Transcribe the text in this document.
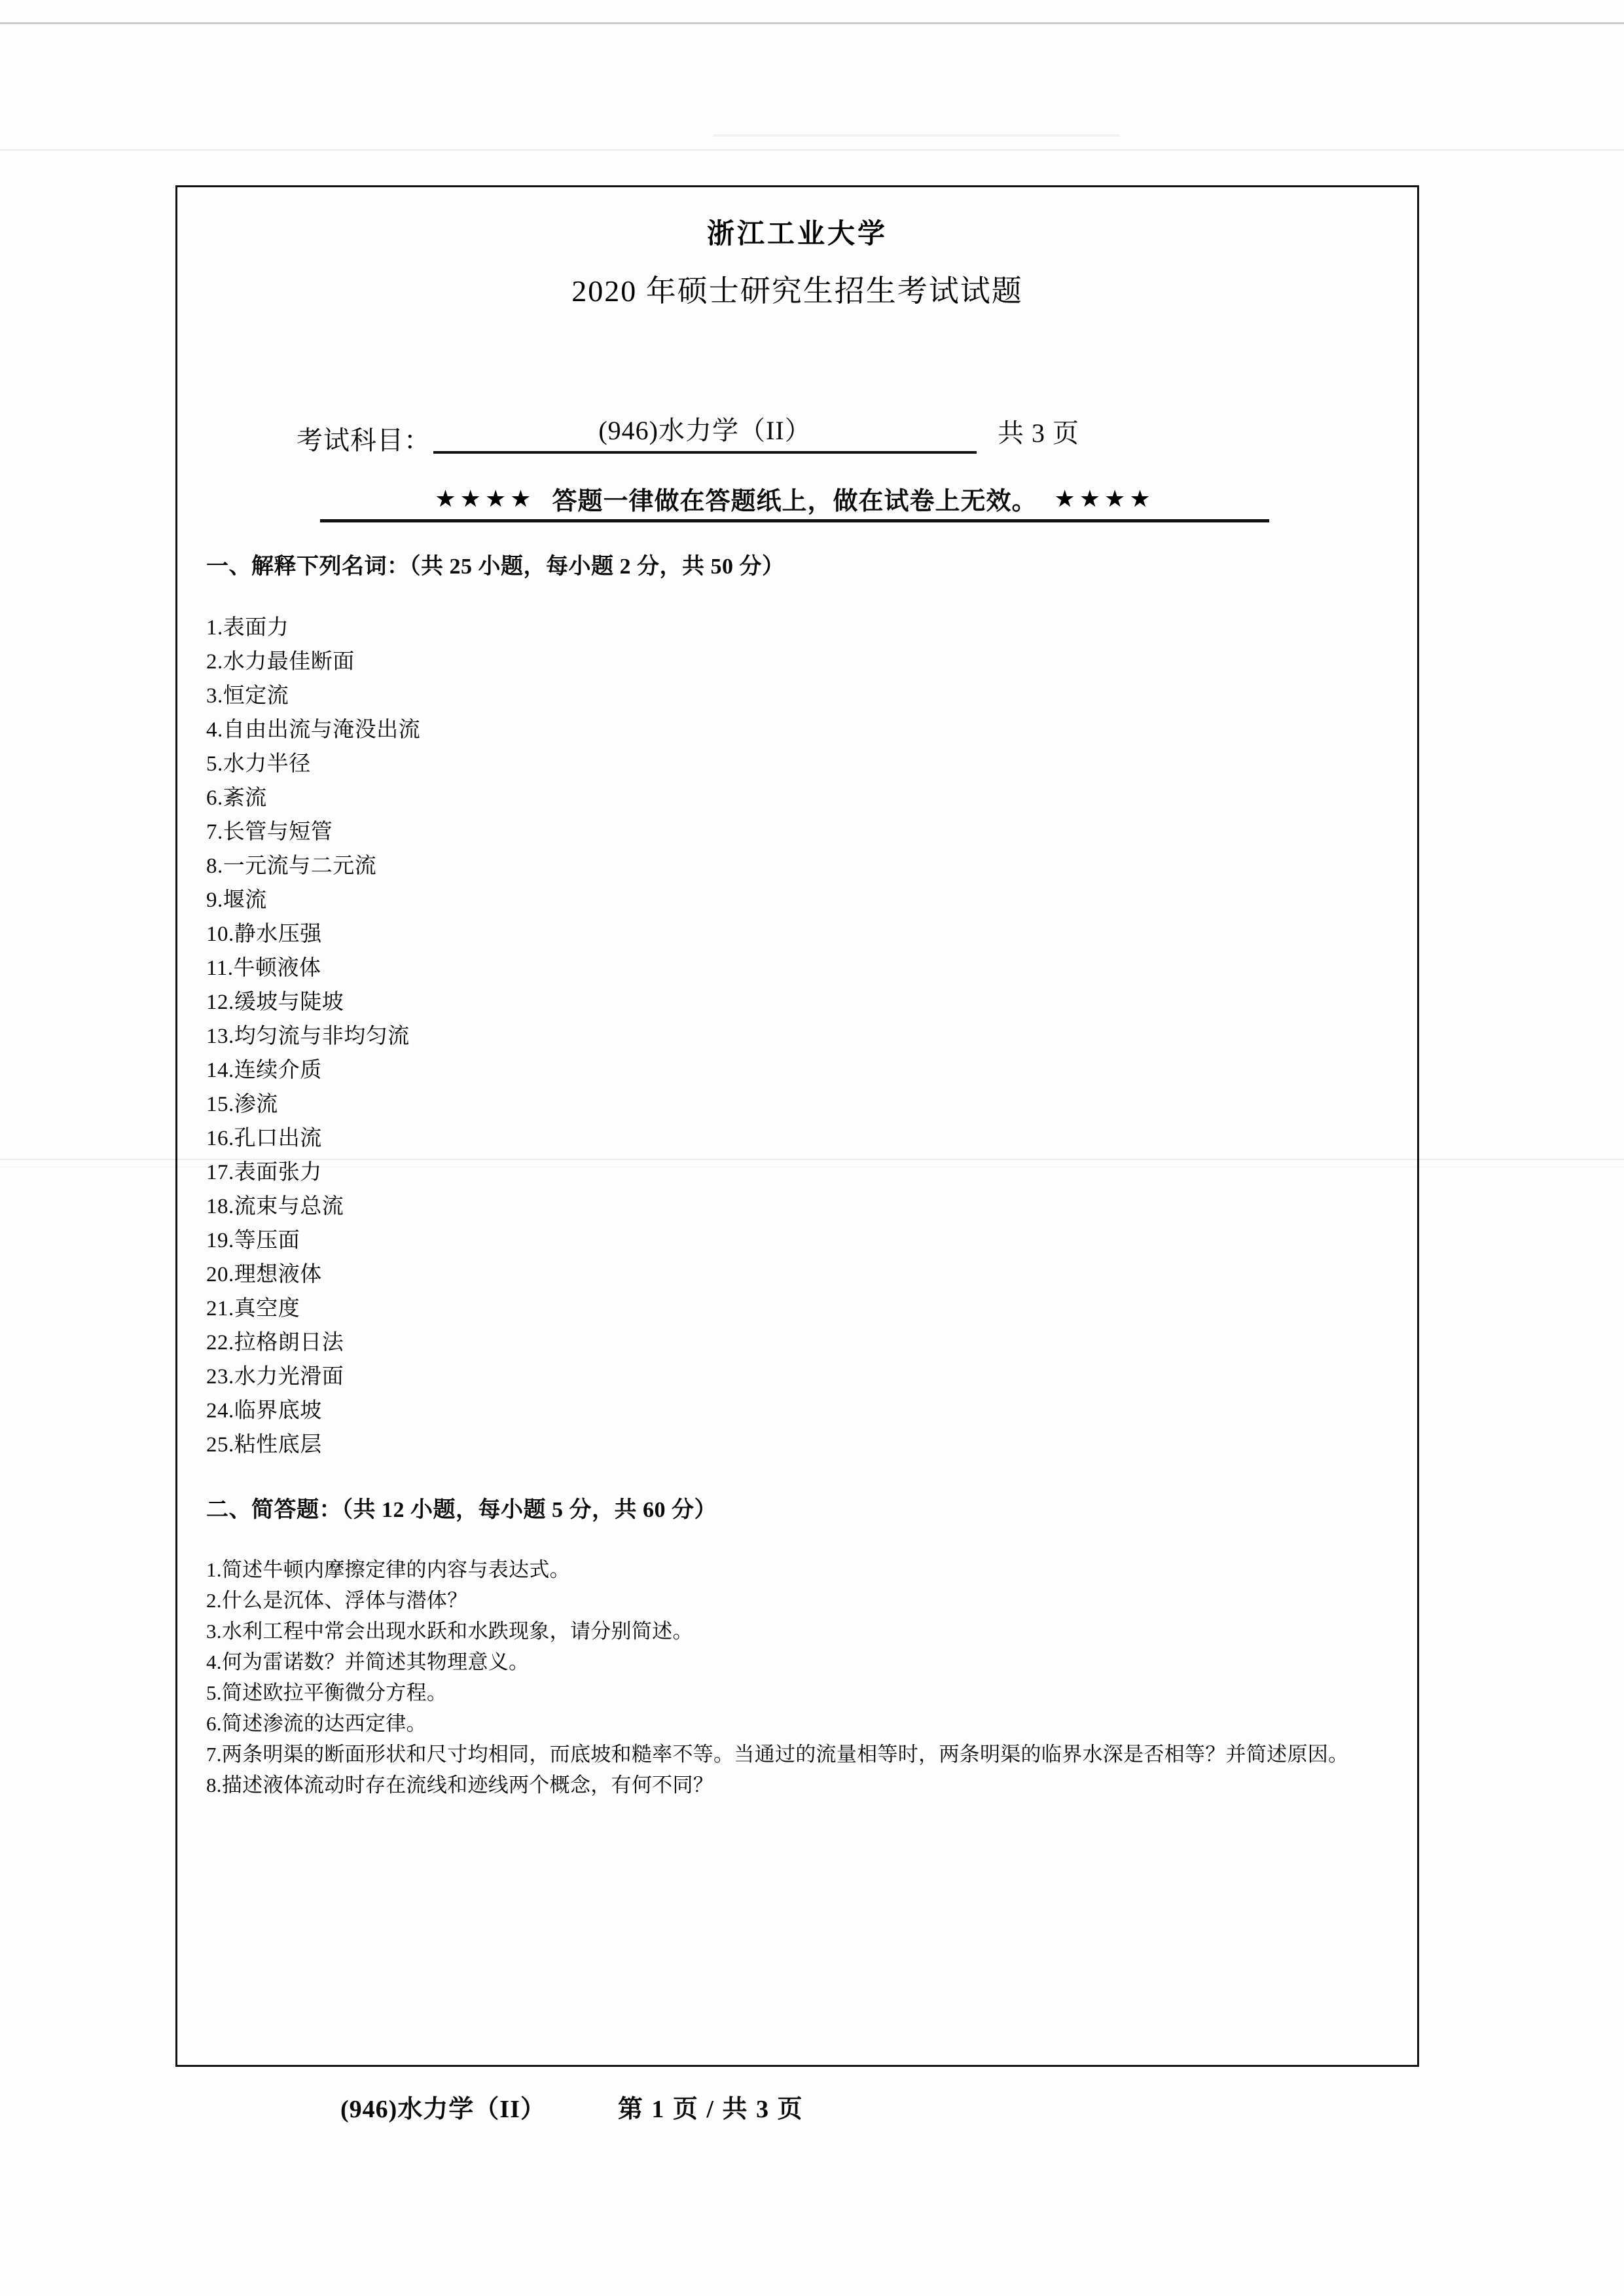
浙江工业大学
2020 年硕士研究生招生考试试题
考试科目：	(946)水力学（II）	共 3 页
★★★★ 答题一律做在答题纸上，做在试卷上无效。 ★★★★
一、解释下列名词：（共 25 小题，每小题 2 分，共 50 分）
1.表面力
2.水力最佳断面
3.恒定流
4.自由出流与淹没出流
5.水力半径
6.紊流
7.长管与短管
8.一元流与二元流
9.堰流
10.静水压强
11.牛顿液体
12.缓坡与陡坡
13.均匀流与非均匀流
14.连续介质
15.渗流
16.孔口出流
17.表面张力
18.流束与总流
19.等压面
20.理想液体
21.真空度
22.拉格朗日法
23.水力光滑面
24.临界底坡
25.粘性底层
二、简答题：（共 12 小题，每小题 5 分，共 60 分）
1.简述牛顿内摩擦定律的内容与表达式。
2.什么是沉体、浮体与潜体？
3.水利工程中常会出现水跃和水跌现象，请分别简述。
4.何为雷诺数？并简述其物理意义。
5.简述欧拉平衡微分方程。
6.简述渗流的达西定律。
7.两条明渠的断面形状和尺寸均相同，而底坡和糙率不等。当通过的流量相等时，两条明渠的临界水深是否相等？并简述原因。
8.描述液体流动时存在流线和迹线两个概念，有何不同？
(946)水力学（II）	第 1 页 / 共 3 页
